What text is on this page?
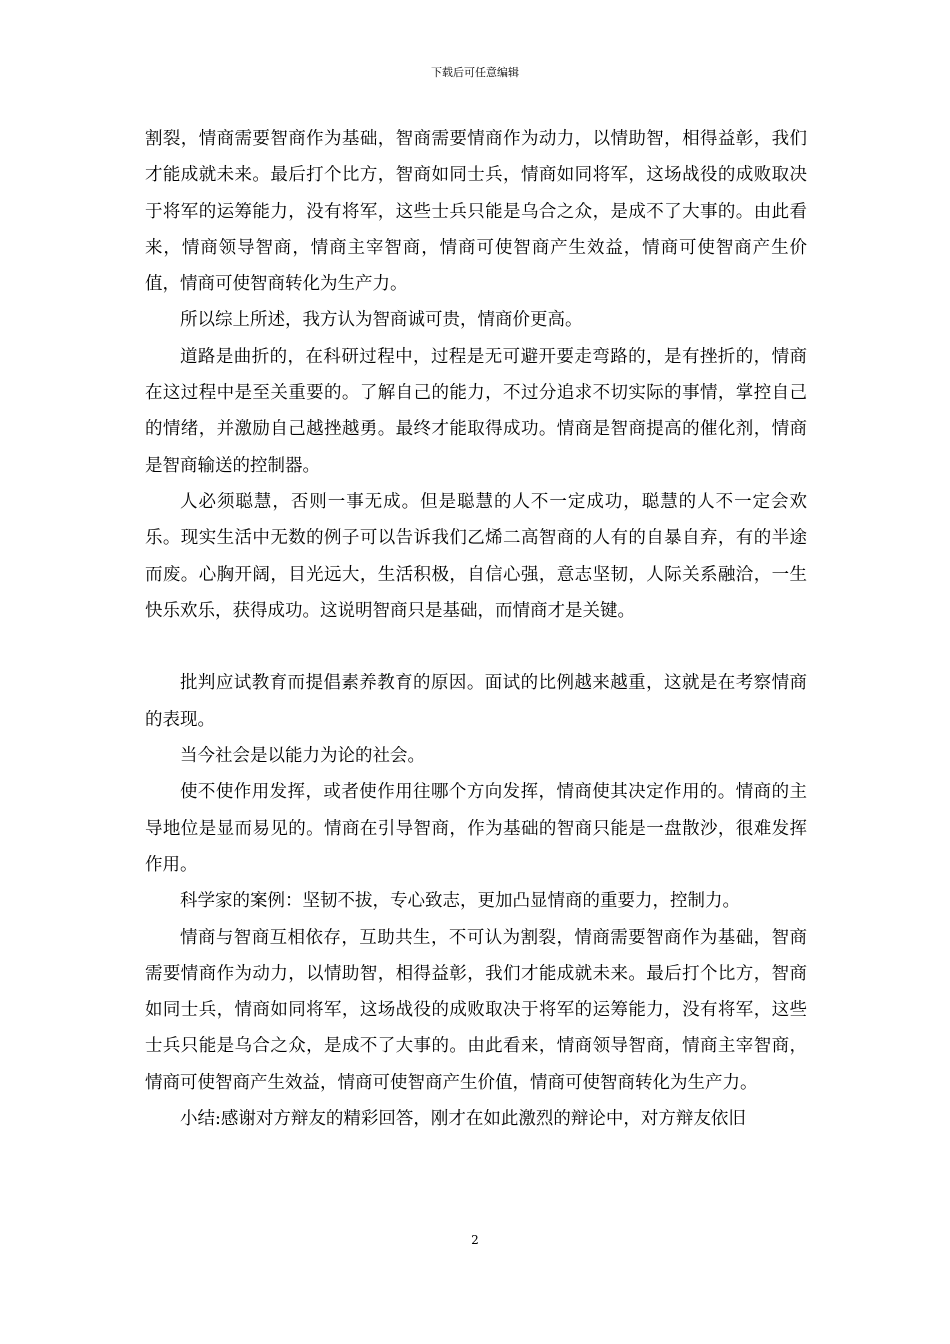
下载后可任意编辑

割裂，情商需要智商作为基础，智商需要情商作为动力，以情助智，相得益彰，我们才能成就未来。最后打个比方，智商如同士兵，情商如同将军，这场战役的成败取决于将军的运筹能力，没有将军，这些士兵只能是乌合之众，是成不了大事的。由此看来，情商领导智商，情商主宰智商，情商可使智商产生效益，情商可使智商产生价值，情商可使智商转化为生产力。

所以综上所述，我方认为智商诚可贵，情商价更高。

道路是曲折的，在科研过程中，过程是无可避开要走弯路的，是有挫折的，情商在这过程中是至关重要的。了解自己的能力，不过分追求不切实际的事情，掌控自己的情绪，并激励自己越挫越勇。最终才能取得成功。情商是智商提高的催化剂，情商是智商输送的控制器。

人必须聪慧，否则一事无成。但是聪慧的人不一定成功，聪慧的人不一定会欢乐。现实生活中无数的例子可以告诉我们乙烯二高智商的人有的自暴自弃，有的半途而废。心胸开阔，目光远大，生活积极，自信心强，意志坚韧，人际关系融洽，一生快乐欢乐，获得成功。这说明智商只是基础，而情商才是关键。

批判应试教育而提倡素养教育的原因。面试的比例越来越重，这就是在考察情商的表现。

当今社会是以能力为论的社会。

使不使作用发挥，或者使作用往哪个方向发挥，情商使其决定作用的。情商的主导地位是显而易见的。情商在引导智商，作为基础的智商只能是一盘散沙，很难发挥作用。

科学家的案例：坚韧不拔，专心致志，更加凸显情商的重要力，控制力。

情商与智商互相依存，互助共生，不可认为割裂，情商需要智商作为基础，智商需要情商作为动力，以情助智，相得益彰，我们才能成就未来。最后打个比方，智商如同士兵，情商如同将军，这场战役的成败取决于将军的运筹能力，没有将军，这些士兵只能是乌合之众，是成不了大事的。由此看来，情商领导智商，情商主宰智商，情商可使智商产生效益，情商可使智商产生价值，情商可使智商转化为生产力。

小结:感谢对方辩友的精彩回答，刚才在如此激烈的辩论中，对方辩友依旧

2
